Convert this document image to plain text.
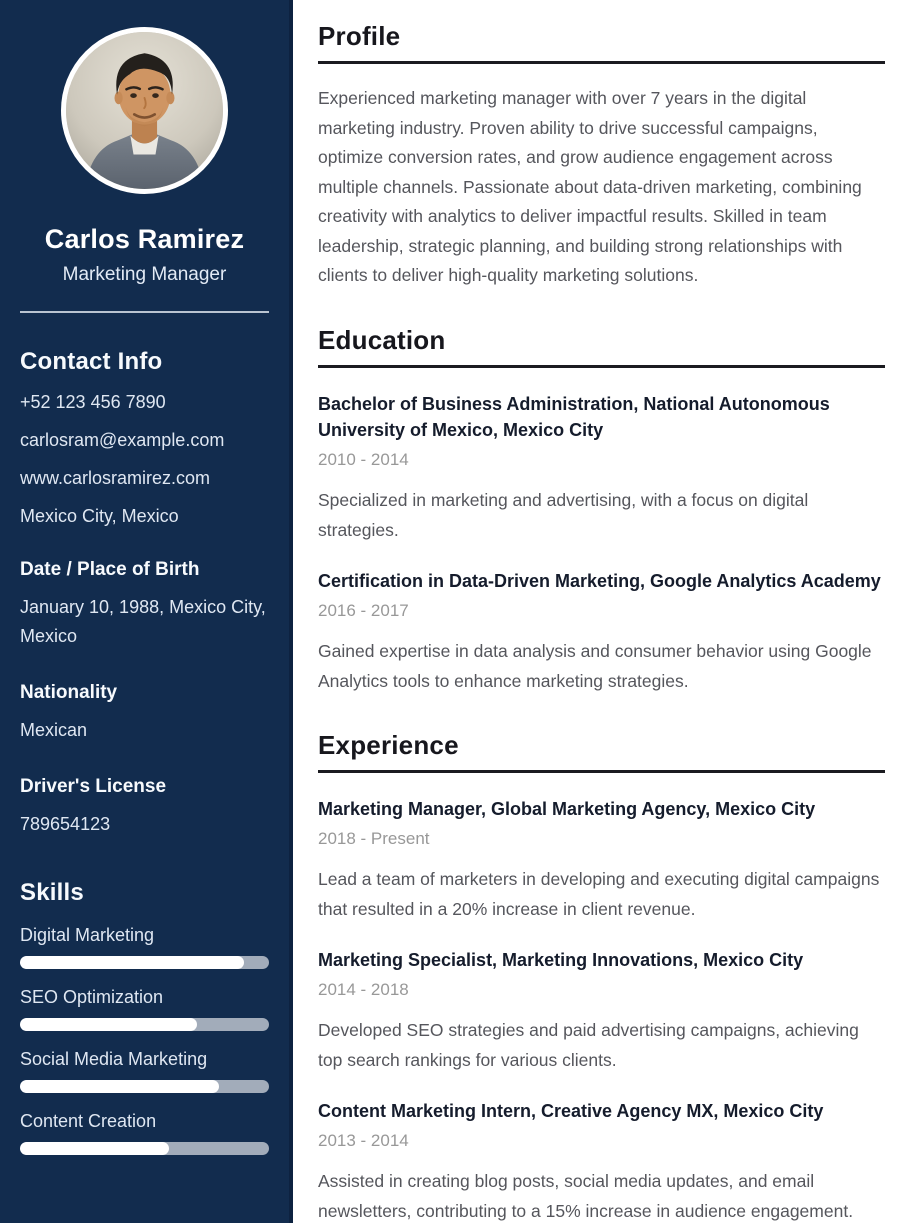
Carlos Ramirez
Marketing Manager
Contact Info
+52 123 456 7890
carlosram@example.com
www.carlosramirez.com
Mexico City, Mexico
Date / Place of Birth
January 10, 1988, Mexico City, Mexico
Nationality
Mexican
Driver's License
789654123
Skills
Digital Marketing
SEO Optimization
Social Media Marketing
Content Creation
Profile

Experienced marketing manager with over 7 years in the digital marketing industry. Proven ability to drive successful campaigns, optimize conversion rates, and grow audience engagement across multiple channels. Passionate about data-driven marketing, combining creativity with analytics to deliver impactful results. Skilled in team leadership, strategic planning, and building strong relationships with clients to deliver high-quality marketing solutions.

Education
Bachelor of Business Administration, National Autonomous University of Mexico, Mexico City
2010 - 2014
Specialized in marketing and advertising, with a focus on digital strategies.
Certification in Data-Driven Marketing, Google Analytics Academy
2016 - 2017
Gained expertise in data analysis and consumer behavior using Google Analytics tools to enhance marketing strategies.
Experience
Marketing Manager, Global Marketing Agency, Mexico City
2018 - Present
Lead a team of marketers in developing and executing digital campaigns that resulted in a 20% increase in client revenue.
Marketing Specialist, Marketing Innovations, Mexico City
2014 - 2018
Developed SEO strategies and paid advertising campaigns, achieving top search rankings for various clients.
Content Marketing Intern, Creative Agency MX, Mexico City
2013 - 2014
Assisted in creating blog posts, social media updates, and email newsletters, contributing to a 15% increase in audience engagement.
